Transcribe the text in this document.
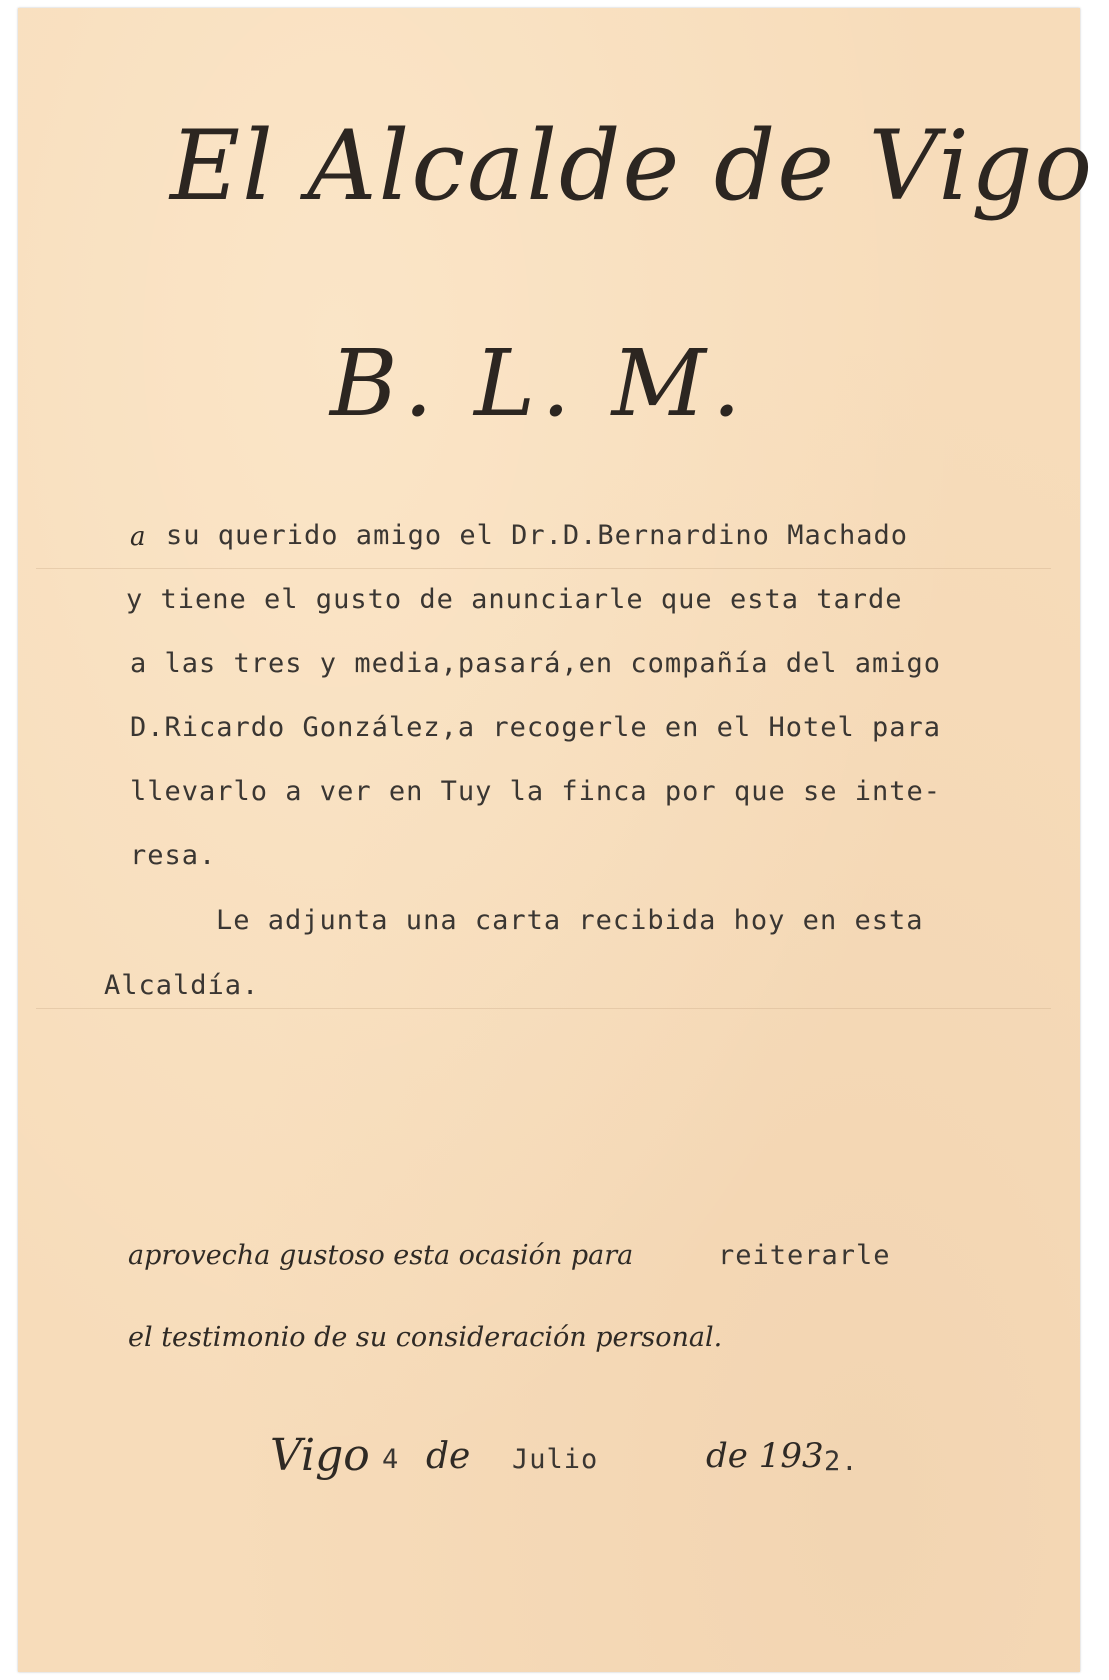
El Alcalde de Vigo
B. L. M.
a su querido amigo el Dr.D.Bernardino Machado
y tiene el gusto de anunciarle que esta tarde
a las tres y media,pasará,en compañía del amigo
D.Ricardo González,a recogerle en el Hotel para
llevarlo a ver en Tuy la finca por que se inte-
resa.
Le adjunta una carta recibida hoy en esta
Alcaldía.
aprovecha gustoso esta ocasión para	reiterarle
el testimonio de su consideración personal.
Vigo 4 de Julio	de 193 2.
